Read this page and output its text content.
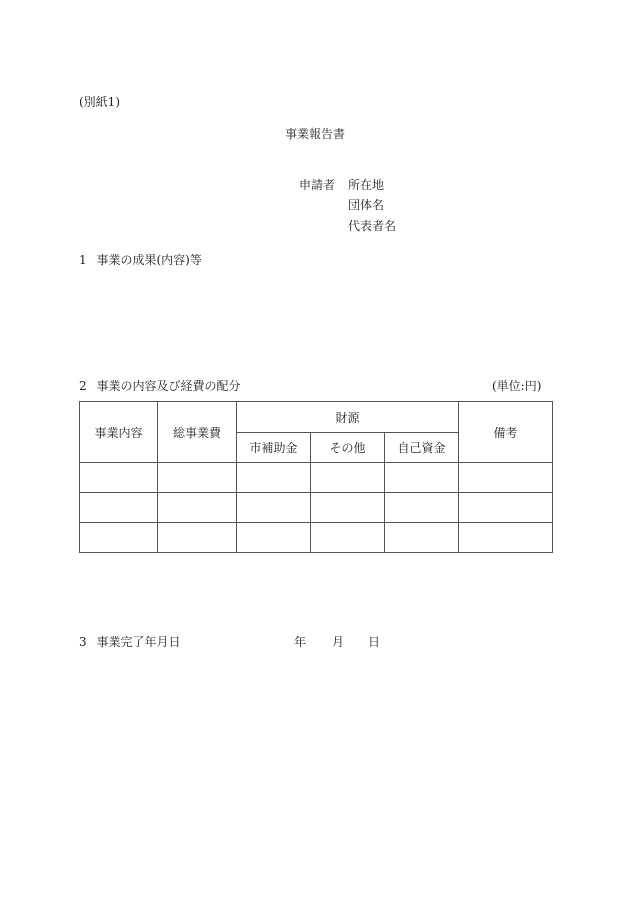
(別紙1)
事業報告書
申請者 所在地
団体名
代表者名
1 事業の成果(内容)等
2 事業の内容及び経費の配分	(単位:円)
事業内容	総事業費	財源			備考
		市補助金	その他	自己資金	

3 事業完了年月日	年 月 日
